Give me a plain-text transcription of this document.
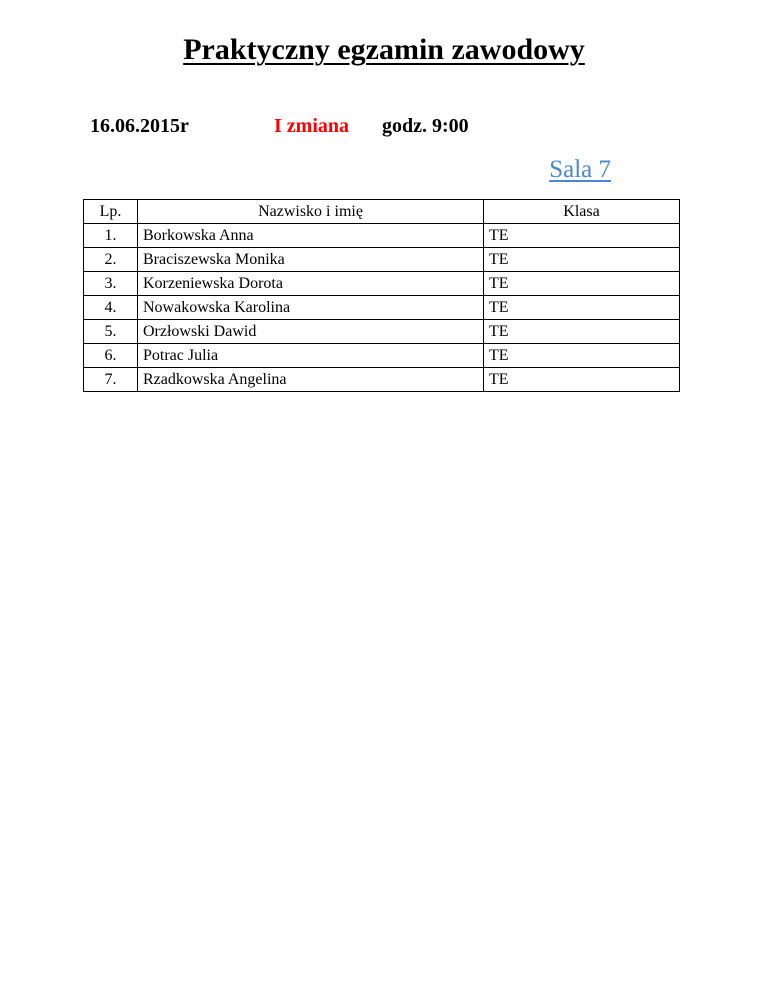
Praktyczny egzamin zawodowy
16.06.2015r	I zmiana godz. 9:00
Sala 7
Lp.	Nazwisko i imię	Klasa
1.	Borkowska Anna	TE
2.	Braciszewska Monika	TE
3.	Korzeniewska Dorota	TE
4.	Nowakowska Karolina	TE
5.	Orzłowski Dawid	TE
6.	Potrac Julia	TE
7.	Rzadkowska Angelina	TE
